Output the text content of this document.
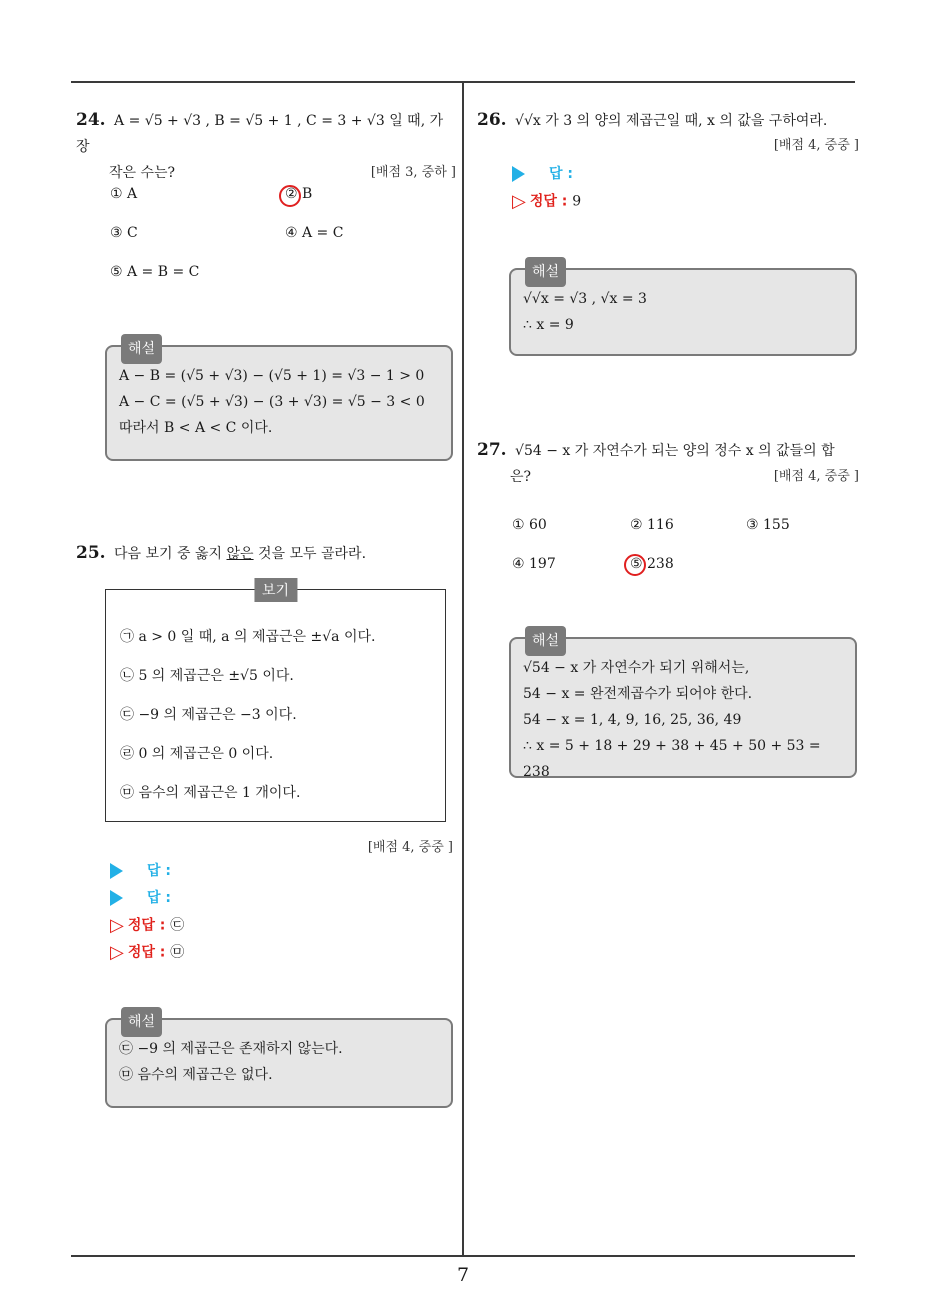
24. A = √5 + √3 , B = √5 + 1 , C = 3 + √3 일 때, 가장
작은 수는?	[배점 3, 중하 ]
① A	② B
③ C	④ A = C
⑤ A = B = C
해설
A − B = (√5 + √3) − (√5 + 1) = √3 − 1 > 0
A − C = (√5 + √3) − (3 + √3) = √5 − 3 < 0
따라서 B < A < C 이다.
25. 다음 보기 중 옳지 않은 것을 모두 골라라.
보기
㉠ a > 0 일 때, a 의 제곱근은 ±√a 이다.
㉡ 5 의 제곱근은 ±√5 이다.
㉢ −9 의 제곱근은 −3 이다.
㉣ 0 의 제곱근은 0 이다.
㉤ 음수의 제곱근은 1 개이다.
[배점 4, 중중 ]
답 :
답 :
▷ 정답 : ㉢
▷ 정답 : ㉤
해설
㉢ −9 의 제곱근은 존재하지 않는다.
㉤ 음수의 제곱근은 없다.
26. √√x 가 3 의 양의 제곱근일 때, x 의 값을 구하여라.
[배점 4, 중중 ]
답 :
▷ 정답 : 9
해설
√√x = √3 , √x = 3
∴ x = 9
27. √54 − x 가 자연수가 되는 양의 정수 x 의 값들의 합
은?	[배점 4, 중중 ]
① 60	② 116	③ 155
④ 197	⑤ 238
해설
√54 − x 가 자연수가 되기 위해서는,
54 − x = 완전제곱수가 되어야 한다.
54 − x = 1, 4, 9, 16, 25, 36, 49
∴ x = 5 + 18 + 29 + 38 + 45 + 50 + 53 = 238
7
